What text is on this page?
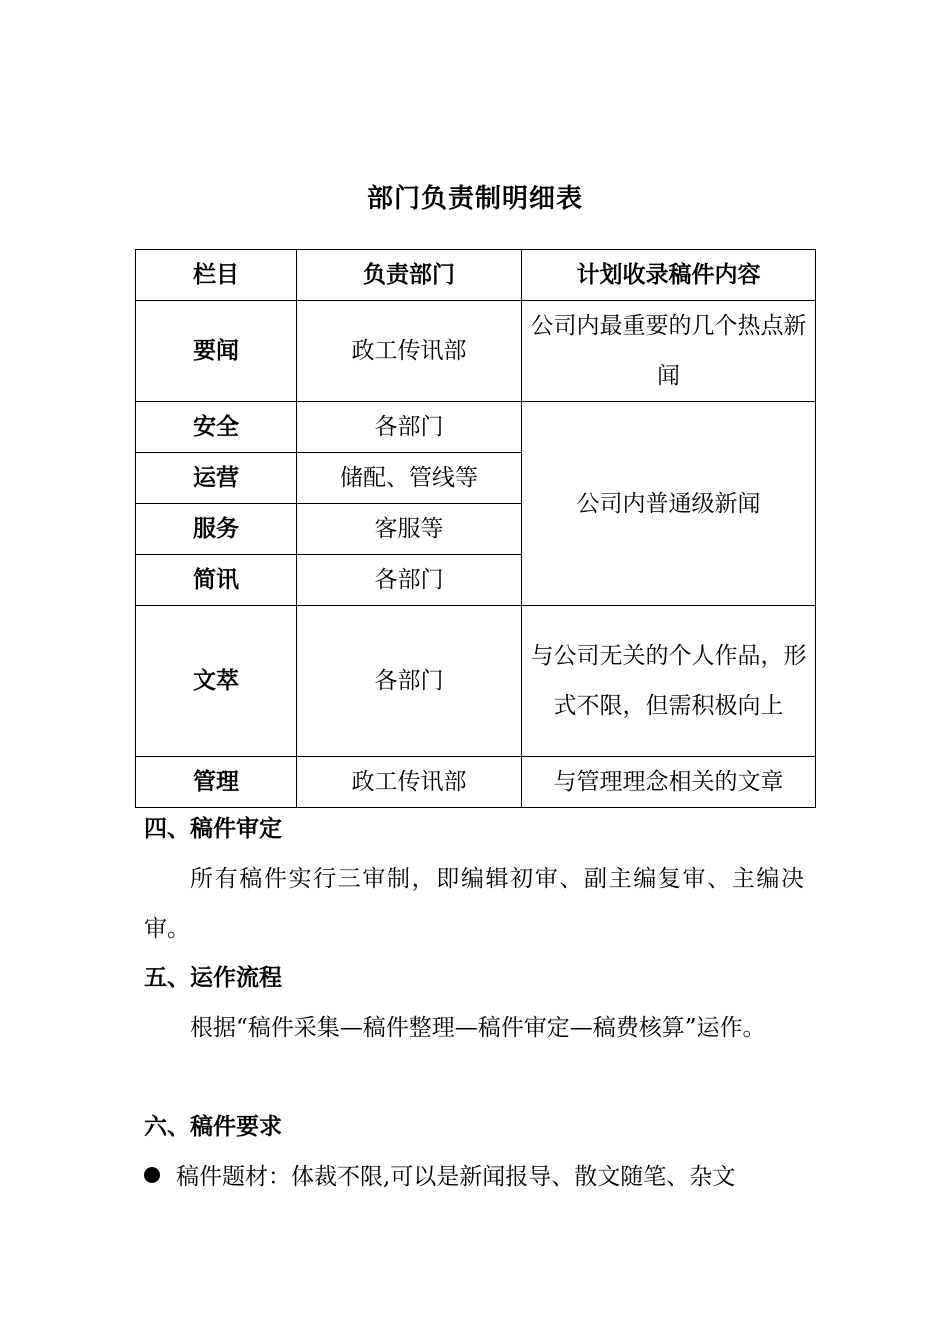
部门负责制明细表
栏目	负责部门	计划收录稿件内容
要闻	政工传讯部	公司内最重要的几个热点新闻
安全	各部门	公司内普通级新闻
运营	储配、管线等	
服务	客服等	
简讯	各部门	
文萃	各部门	与公司无关的个人作品，形式不限，但需积极向上
管理	政工传讯部	与管理理念相关的文章
四、稿件审定
所有稿件实行三审制，即编辑初审、副主编复审、主编决审。
五、运作流程
根据“稿件采集—稿件整理—稿件审定—稿费核算”运作。
六、稿件要求
稿件题材：体裁不限,可以是新闻报导、散文随笔、杂文
